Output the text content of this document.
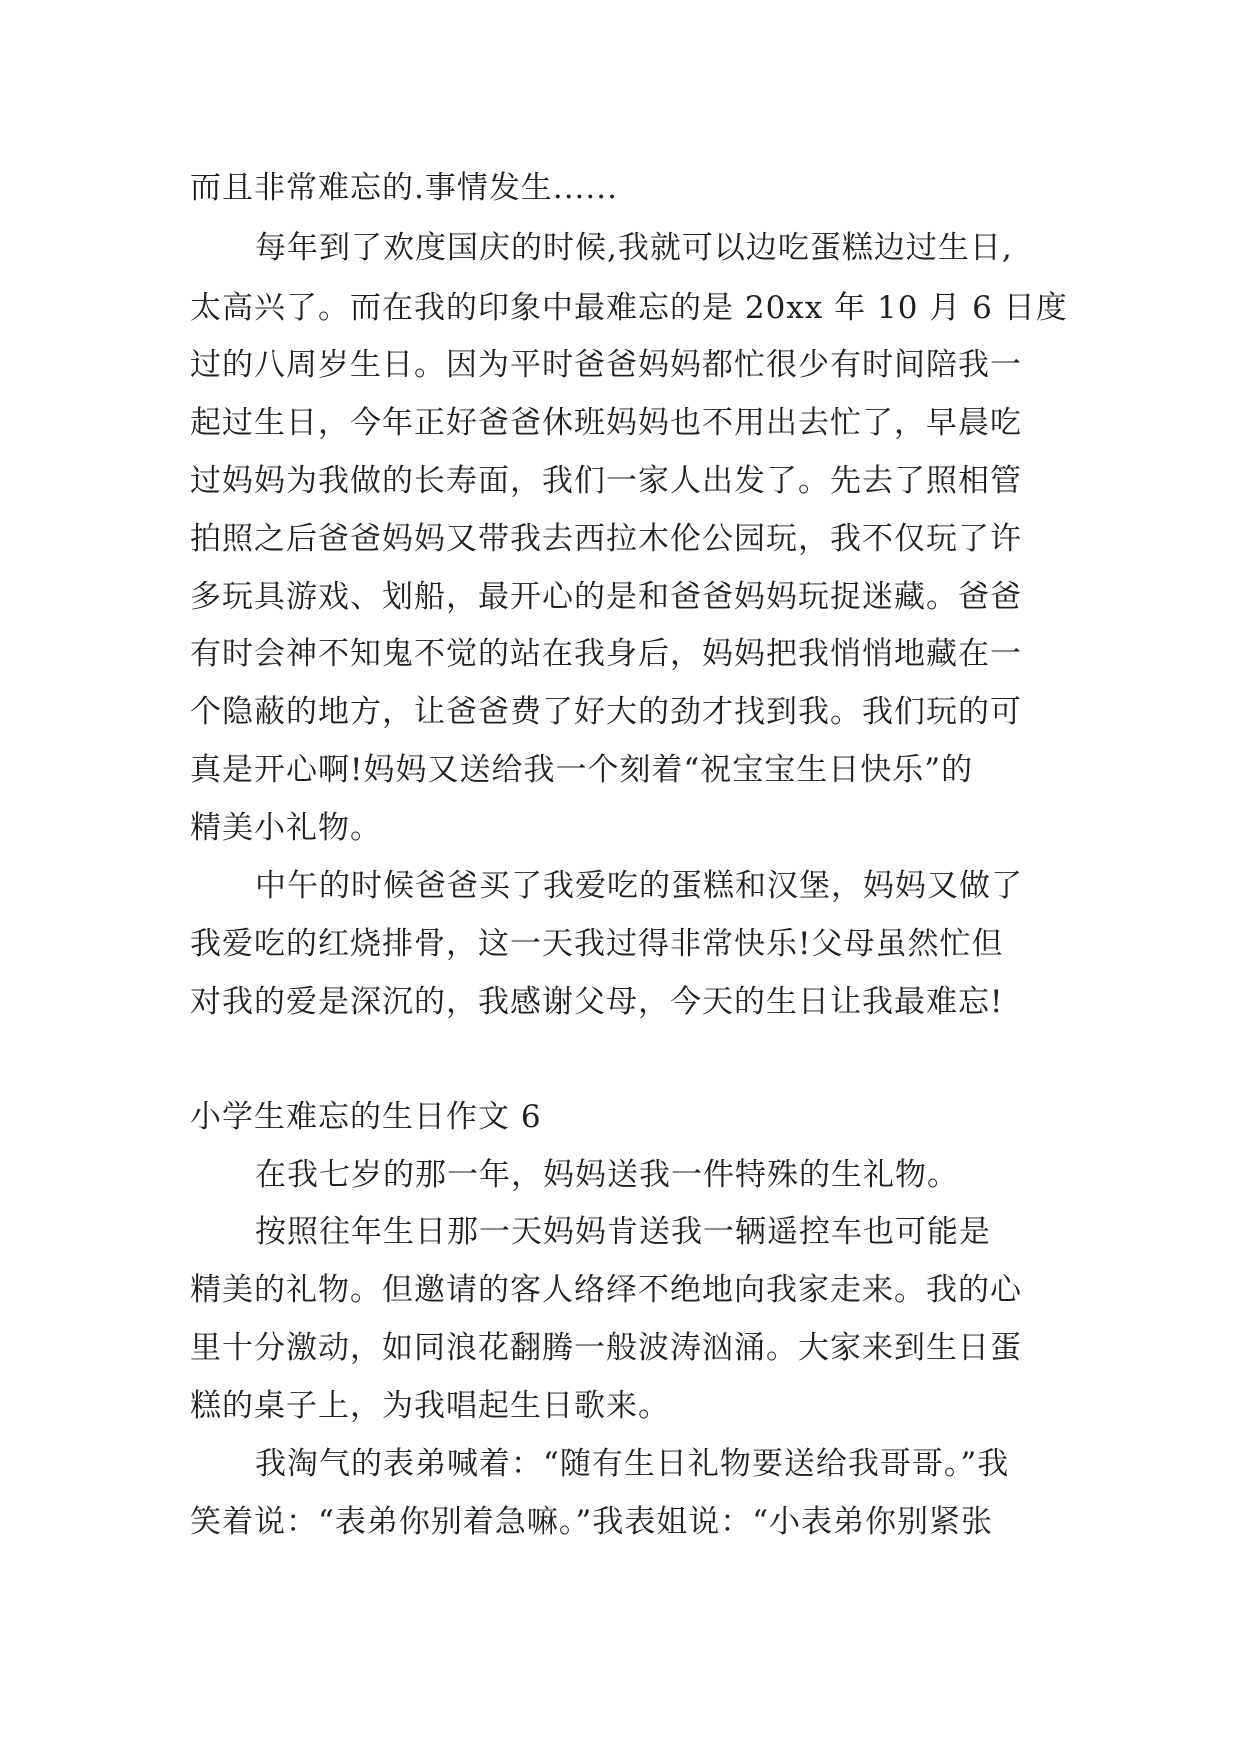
而且非常难忘的.事情发生......
每年到了欢度国庆的时候,我就可以边吃蛋糕边过生日,
太高兴了。而在我的印象中最难忘的是 20xx 年 10 月 6 日度
过的八周岁生日。因为平时爸爸妈妈都忙很少有时间陪我一
起过生日，今年正好爸爸休班妈妈也不用出去忙了，早晨吃
过妈妈为我做的长寿面，我们一家人出发了。先去了照相管
拍照之后爸爸妈妈又带我去西拉木伦公园玩，我不仅玩了许
多玩具游戏、划船，最开心的是和爸爸妈妈玩捉迷藏。爸爸
有时会神不知鬼不觉的站在我身后，妈妈把我悄悄地藏在一
个隐蔽的地方，让爸爸费了好大的劲才找到我。我们玩的可
真是开心啊!妈妈又送给我一个刻着“祝宝宝生日快乐”的
精美小礼物。
中午的时候爸爸买了我爱吃的蛋糕和汉堡，妈妈又做了
我爱吃的红烧排骨，这一天我过得非常快乐!父母虽然忙但
对我的爱是深沉的，我感谢父母，今天的生日让我最难忘!
小学生难忘的生日作文 6
在我七岁的那一年，妈妈送我一件特殊的生礼物。
按照往年生日那一天妈妈肯送我一辆遥控车也可能是
精美的礼物。但邀请的客人络绎不绝地向我家走来。我的心
里十分激动，如同浪花翻腾一般波涛汹涌。大家来到生日蛋
糕的桌子上，为我唱起生日歌来。
我淘气的表弟喊着：“随有生日礼物要送给我哥哥。”我
笑着说：“表弟你别着急嘛。”我表姐说：“小表弟你别紧张
